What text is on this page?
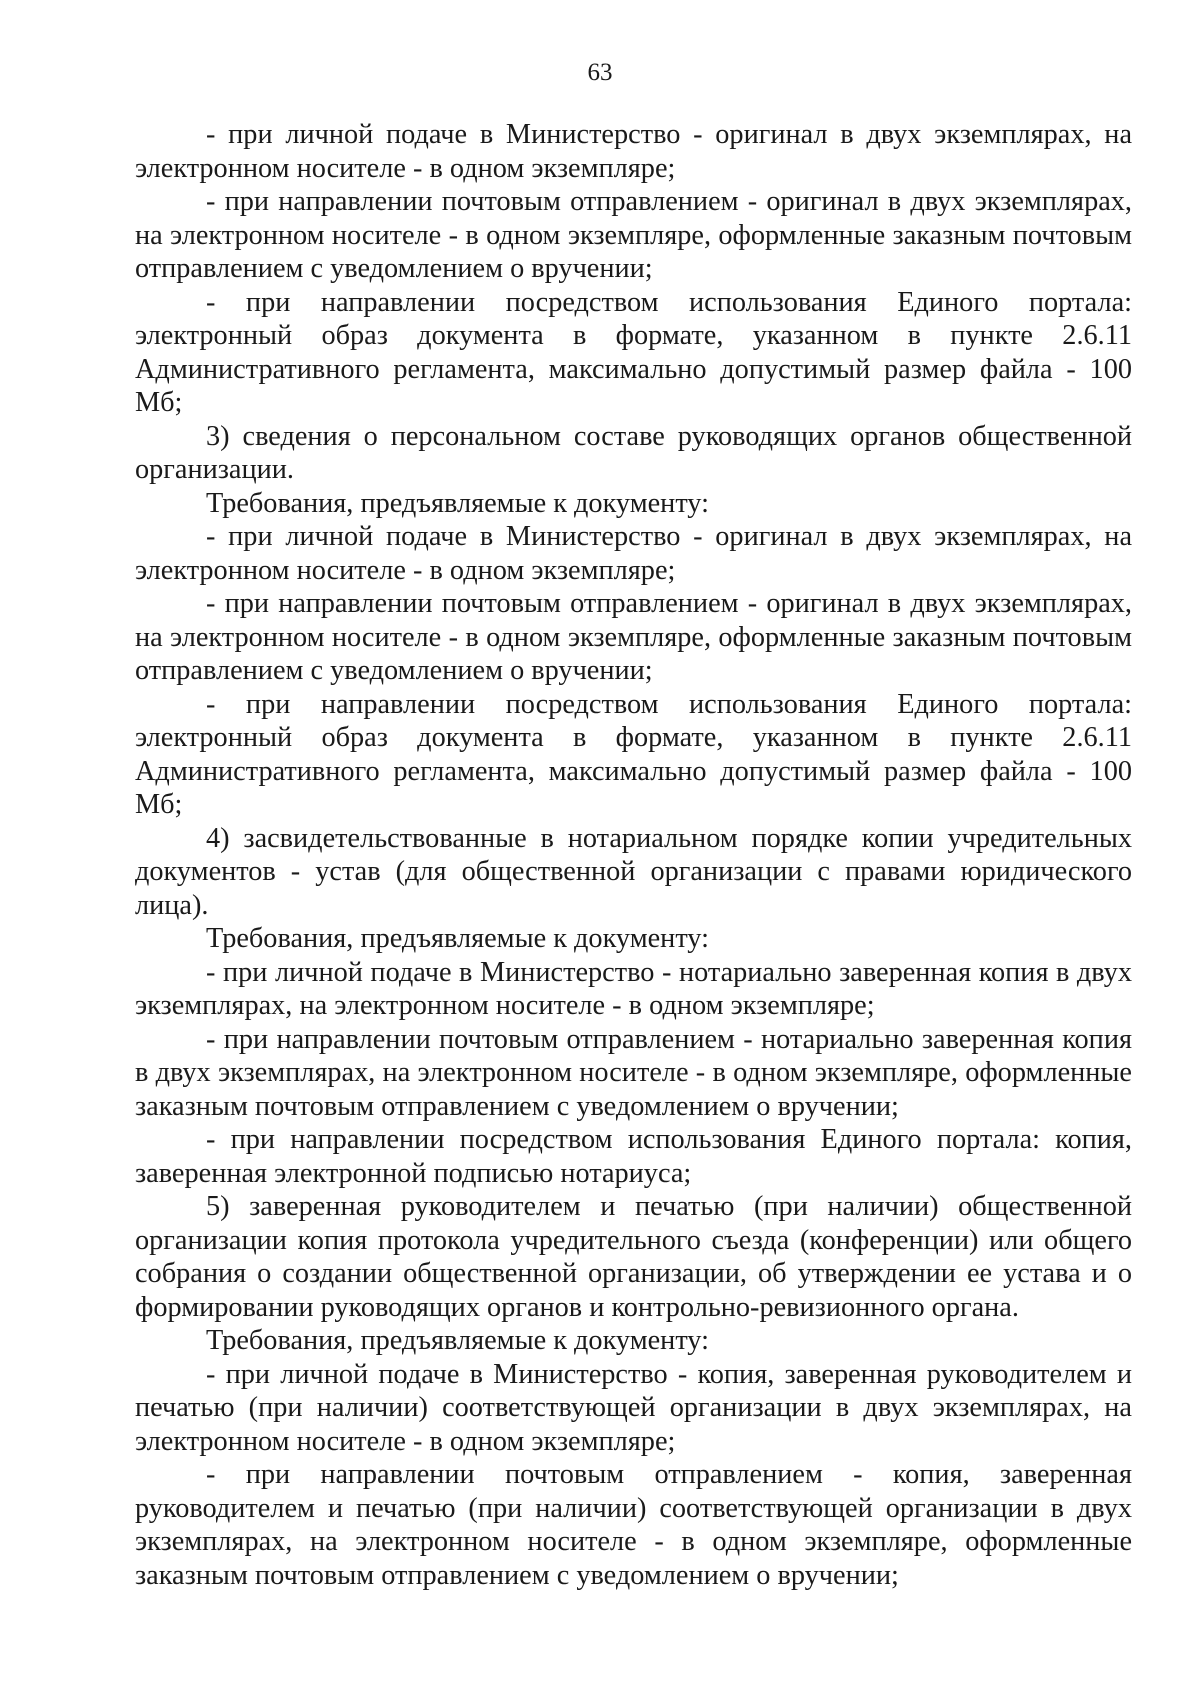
63

- при личной подаче в Министерство - оригинал в двух экземплярах, на электронном носителе - в одном экземпляре;

- при направлении почтовым отправлением - оригинал в двух экземплярах, на электронном носителе - в одном экземпляре, оформленные заказным почтовым отправлением с уведомлением о вручении;

- при направлении посредством использования Единого портала: электронный образ документа в формате, указанном в пункте 2.6.11 Административного регламента, максимально допустимый размер файла - 100 Мб;

3) сведения о персональном составе руководящих органов общественной организации.

Требования, предъявляемые к документу:

- при личной подаче в Министерство - оригинал в двух экземплярах, на электронном носителе - в одном экземпляре;

- при направлении почтовым отправлением - оригинал в двух экземплярах, на электронном носителе - в одном экземпляре, оформленные заказным почтовым отправлением с уведомлением о вручении;

- при направлении посредством использования Единого портала: электронный образ документа в формате, указанном в пункте 2.6.11 Административного регламента, максимально допустимый размер файла - 100 Мб;

4) засвидетельствованные в нотариальном порядке копии учредительных документов - устав (для общественной организации с правами юридического лица).

Требования, предъявляемые к документу:

- при личной подаче в Министерство - нотариально заверенная копия в двух экземплярах, на электронном носителе - в одном экземпляре;

- при направлении почтовым отправлением - нотариально заверенная копия в двух экземплярах, на электронном носителе - в одном экземпляре, оформленные заказным почтовым отправлением с уведомлением о вручении;

- при направлении посредством использования Единого портала: копия, заверенная электронной подписью нотариуса;

5) заверенная руководителем и печатью (при наличии) общественной организации копия протокола учредительного съезда (конференции) или общего собрания о создании общественной организации, об утверждении ее устава и о формировании руководящих органов и контрольно-ревизионного органа.

Требования, предъявляемые к документу:

- при личной подаче в Министерство - копия, заверенная руководителем и печатью (при наличии) соответствующей организации в двух экземплярах, на электронном носителе - в одном экземпляре;

- при направлении почтовым отправлением - копия, заверенная руководителем и печатью (при наличии) соответствующей организации в двух экземплярах, на электронном носителе - в одном экземпляре, оформленные заказным почтовым отправлением с уведомлением о вручении;
